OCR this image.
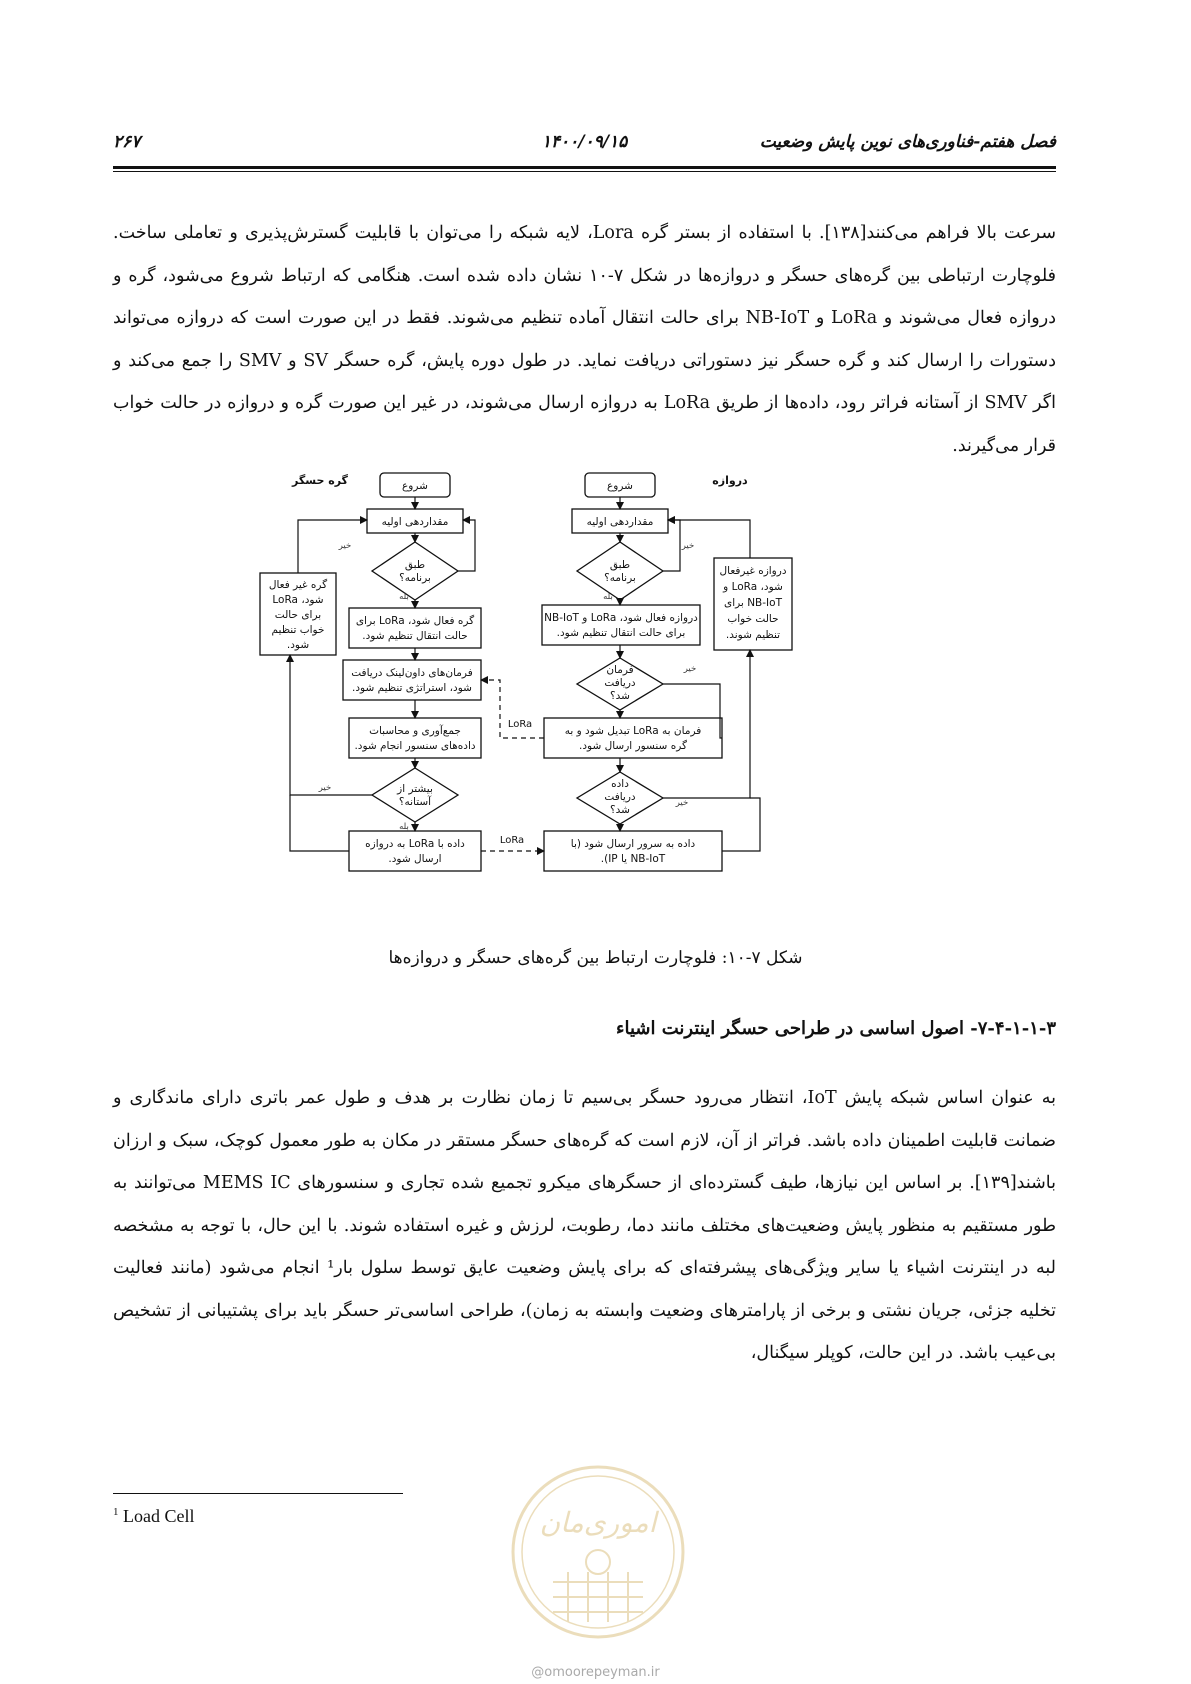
فصل هفتم-فناوری‌های نوین پایش وضعیت
۱۴۰۰/۰۹/۱۵
۲۶۷

سرعت بالا فراهم می‌کنند[۱۳۸]. با استفاده از بستر گره Lora، لایه شبکه را می‌توان با قابلیت گسترش‌پذیری و تعاملی ساخت. فلوچارت ارتباطی بین گره‌های حسگر و دروازه‌ها در شکل ۷-۱۰ نشان داده شده است. هنگامی که ارتباط شروع می‌شود، گره و دروازه فعال می‌شوند و LoRa و NB-IoT برای حالت انتقال آماده تنظیم می‌شوند. فقط در این صورت است که دروازه می‌تواند دستورات را ارسال کند و گره حسگر نیز دستوراتی دریافت نماید. در طول دوره پایش، گره حسگر SV و SMV را جمع می‌کند و اگر SMV از آستانه فراتر رود، داده‌ها از طریق LoRa به دروازه ارسال می‌شوند، در غیر این صورت گره و دروازه در حالت خواب قرار می‌گیرند.

گره حسگر	دروازه
شروع
مقداردهی اولیه
طبق
برنامه؟
گره فعال شود، LoRa برای
حالت انتقال تنظیم شود.
فرمان‌های داون‌لینک دریافت
شود، استراتژی تنظیم شود.
جمع‌آوری و محاسبات
داده‌های سنسور انجام شود.
بیشتر از
آستانه؟
داده با LoRa به دروازه
ارسال شود.
گره غیر فعال
شود، LoRa
برای حالت
خواب تنظیم
شود.
شروع
مقداردهی اولیه
طبق
برنامه؟
دروازه فعال شود، LoRa و NB-IoT
برای حالت انتقال تنظیم شود.
فرمان
دریافت
شد؟
فرمان به LoRa تبدیل شود و به
گره سنسور ارسال شود.
داده
دریافت
شد؟
داده به سرور ارسال شود (با
NB-IoT یا IP).
دروازه غیرفعال
شود، LoRa و
NB-IoT برای
حالت خواب
تنظیم شوند.
خیر
بله
خیر
بله
خیر
بله
خیر
خیر
LoRa
LoRa
شکل ۷-۱۰: فلوچارت ارتباط بین گره‌های حسگر و دروازه‌ها
۷-۴-۱-۱-۳- اصول اساسی در طراحی حسگر اینترنت اشیاء

به عنوان اساس شبکه پایش IoT، انتظار می‌رود حسگر بی‌سیم تا زمان نظارت بر هدف و طول عمر باتری دارای ماندگاری و ضمانت قابلیت اطمینان داده باشد. فراتر از آن، لازم است که گره‌های حسگر مستقر در مکان به طور معمول کوچک، سبک و ارزان باشند[۱۳۹]. بر اساس این نیازها، طیف گسترده‌ای از حسگرهای میکرو تجمیع شده تجاری و سنسورهای MEMS IC می‌توانند به طور مستقیم به منظور پایش وضعیت‌های مختلف مانند دما، رطوبت، لرزش و غیره استفاده شوند. با این حال، با توجه به مشخصه لبه در اینترنت اشیاء یا سایر ویژگی‌های پیشرفته‌ای که برای پایش وضعیت عایق توسط سلول بار¹ انجام می‌شود (مانند فعالیت تخلیه جزئی، جریان نشتی و برخی از پارامترهای وضعیت وابسته به زمان)، طراحی اساسی‌تر حسگر باید برای پشتیبانی از تشخیص بی‌عیب باشد. در این حالت، کوپلر سیگنال،

$^1$ Load Cell	اموری‌مان
@omoorepeyman.ir
